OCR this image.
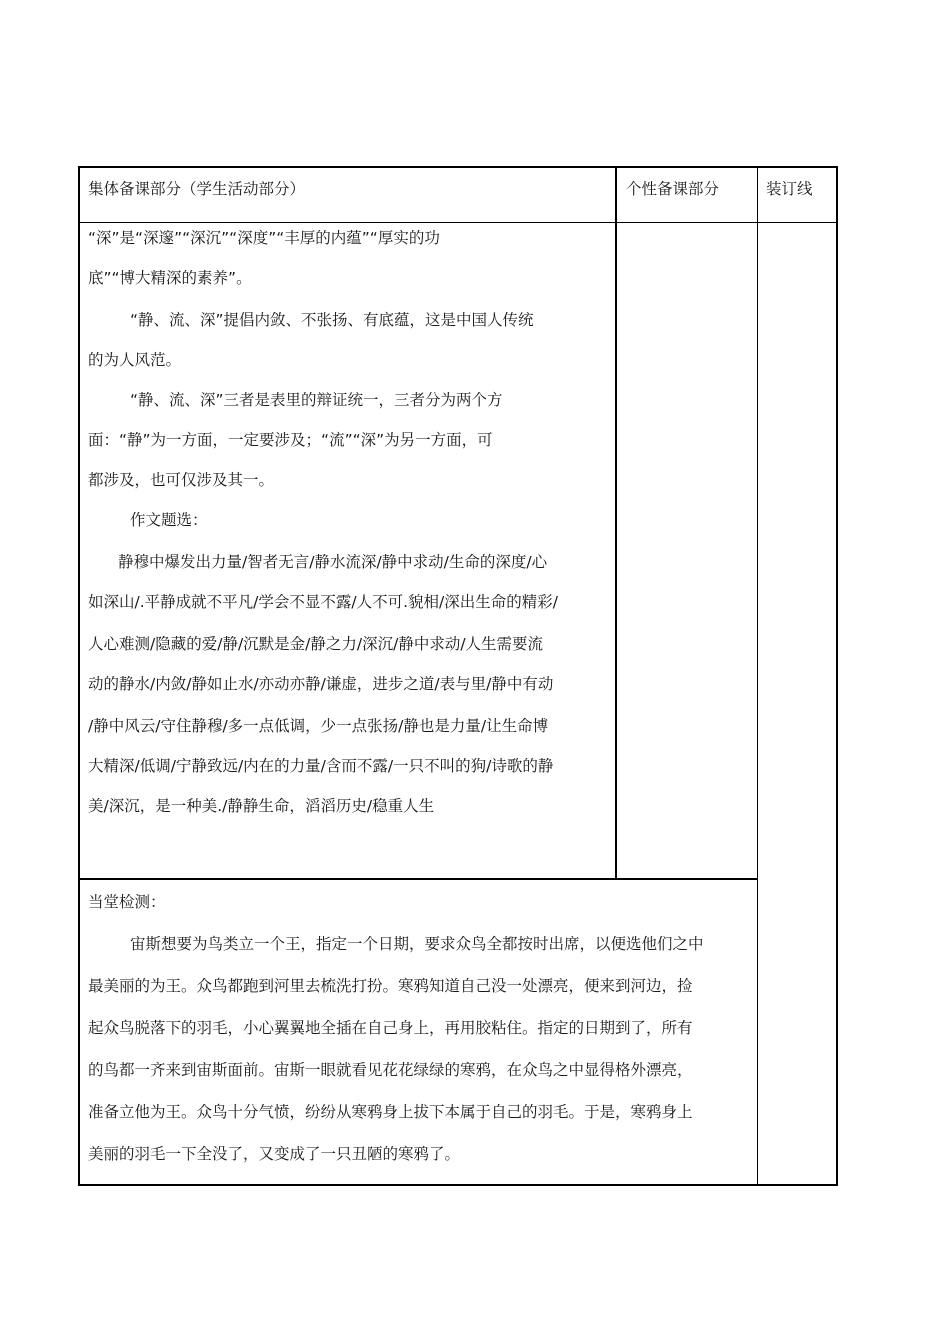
集体备课部分（学生活动部分）	个性备课部分	装订线
“深”是“深邃”“深沉”“深度”“丰厚的内蕴”“厚实的功
底”“博大精深的素养”。
“静、流、深”提倡内敛、不张扬、有底蕴，这是中国人传统
的为人风范。
“静、流、深”三者是表里的辩证统一，三者分为两个方
面：“静”为一方面，一定要涉及；“流”“深”为另一方面，可
都涉及，也可仅涉及其一。
作文题选：
静穆中爆发出力量/智者无言/静水流深/静中求动/生命的深度/心
如深山/.平静成就不平凡/学会不显不露/人不可.貌相/深出生命的精彩/
人心难测/隐藏的爱/静/沉默是金/静之力/深沉/静中求动/人生需要流
动的静水/内敛/静如止水/亦动亦静/谦虚，进步之道/表与里/静中有动
/静中风云/守住静穆/多一点低调，少一点张扬/静也是力量/让生命博
大精深/低调/宁静致远/内在的力量/含而不露/一只不叫的狗/诗歌的静
美/深沉，是一种美./静静生命，滔滔历史/稳重人生
当堂检测：
宙斯想要为鸟类立一个王，指定一个日期，要求众鸟全都按时出席，以便选他们之中
最美丽的为王。众鸟都跑到河里去梳洗打扮。寒鸦知道自己没一处漂亮，便来到河边，捡
起众鸟脱落下的羽毛，小心翼翼地全插在自己身上，再用胶粘住。指定的日期到了，所有
的鸟都一齐来到宙斯面前。宙斯一眼就看见花花绿绿的寒鸦，在众鸟之中显得格外漂亮，
准备立他为王。众鸟十分气愤，纷纷从寒鸦身上拔下本属于自己的羽毛。于是，寒鸦身上
美丽的羽毛一下全没了，又变成了一只丑陋的寒鸦了。
